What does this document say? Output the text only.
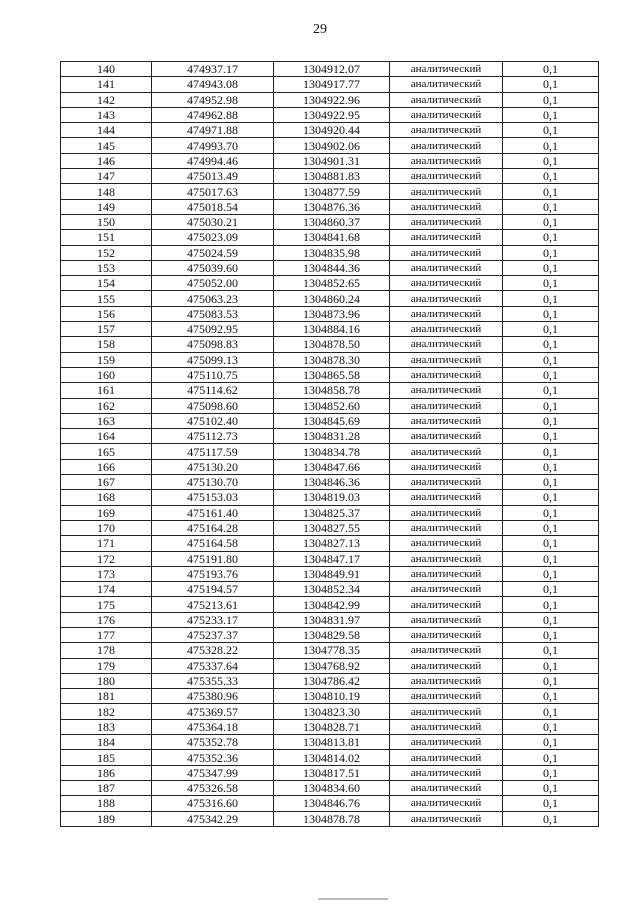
29
140	474937.17	1304912.07	аналитический	0,1
141	474943.08	1304917.77	аналитический	0,1
142	474952.98	1304922.96	аналитический	0,1
143	474962.88	1304922.95	аналитический	0,1
144	474971.88	1304920.44	аналитический	0,1
145	474993.70	1304902.06	аналитический	0,1
146	474994.46	1304901.31	аналитический	0,1
147	475013.49	1304881.83	аналитический	0,1
148	475017.63	1304877.59	аналитический	0,1
149	475018.54	1304876.36	аналитический	0,1
150	475030.21	1304860.37	аналитический	0,1
151	475023.09	1304841.68	аналитический	0,1
152	475024.59	1304835.98	аналитический	0,1
153	475039.60	1304844.36	аналитический	0,1
154	475052.00	1304852.65	аналитический	0,1
155	475063.23	1304860.24	аналитический	0,1
156	475083.53	1304873.96	аналитический	0,1
157	475092.95	1304884.16	аналитический	0,1
158	475098.83	1304878.50	аналитический	0,1
159	475099.13	1304878.30	аналитический	0,1
160	475110.75	1304865.58	аналитический	0,1
161	475114.62	1304858.78	аналитический	0,1
162	475098.60	1304852.60	аналитический	0,1
163	475102.40	1304845.69	аналитический	0,1
164	475112.73	1304831.28	аналитический	0,1
165	475117.59	1304834.78	аналитический	0,1
166	475130.20	1304847.66	аналитический	0,1
167	475130.70	1304846.36	аналитический	0,1
168	475153.03	1304819.03	аналитический	0,1
169	475161.40	1304825.37	аналитический	0,1
170	475164.28	1304827.55	аналитический	0,1
171	475164.58	1304827.13	аналитический	0,1
172	475191.80	1304847.17	аналитический	0,1
173	475193.76	1304849.91	аналитический	0,1
174	475194.57	1304852.34	аналитический	0,1
175	475213.61	1304842.99	аналитический	0,1
176	475233.17	1304831.97	аналитический	0,1
177	475237.37	1304829.58	аналитический	0,1
178	475328.22	1304778.35	аналитический	0,1
179	475337.64	1304768.92	аналитический	0,1
180	475355.33	1304786.42	аналитический	0,1
181	475380.96	1304810.19	аналитический	0,1
182	475369.57	1304823.30	аналитический	0,1
183	475364.18	1304828.71	аналитический	0,1
184	475352.78	1304813.81	аналитический	0,1
185	475352.36	1304814.02	аналитический	0,1
186	475347.99	1304817.51	аналитический	0,1
187	475326.58	1304834.60	аналитический	0,1
188	475316.60	1304846.76	аналитический	0,1
189	475342.29	1304878.78	аналитический	0,1
